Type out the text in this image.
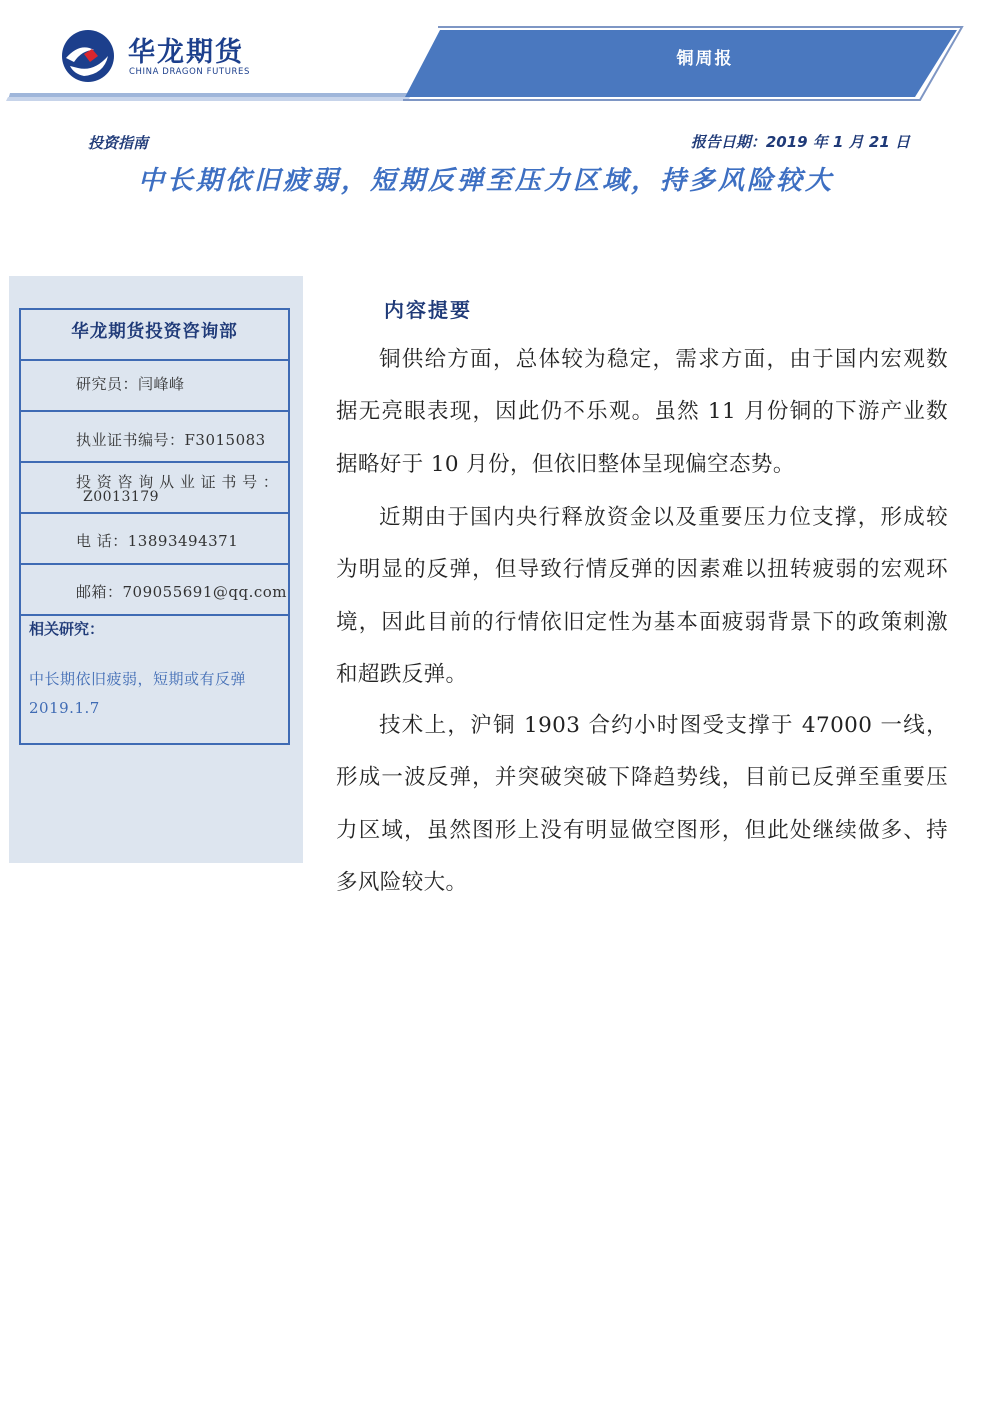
华龙期货
CHINA DRAGON FUTURES
铜周报
投资指南	报告日期：2019 年 1 月 21 日
中长期依旧疲弱，短期反弹至压力区域，持多风险较大
华龙期货投资咨询部
研究员：闫峰峰
执业证书编号：F3015083
投 资 咨 询 从 业 证 书 号 ：
Z0013179
电 话：13893494371
邮箱：709055691@qq.com
相关研究：
中长期依旧疲弱，短期或有反弹
2019.1.7
内容提要

铜供给方面，总体较为稳定，需求方面，由于国内宏观数据无亮眼表现，因此仍不乐观。虽然 11 月份铜的下游产业数据略好于 10 月份，但依旧整体呈现偏空态势。

近期由于国内央行释放资金以及重要压力位支撑，形成较为明显的反弹，但导致行情反弹的因素难以扭转疲弱的宏观环境，因此目前的行情依旧定性为基本面疲弱背景下的政策刺激和超跌反弹。

技术上，沪铜 1903 合约小时图受支撑于 47000 一线，形成一波反弹，并突破突破下降趋势线，目前已反弹至重要压力区域，虽然图形上没有明显做空图形，但此处继续做多、持多风险较大。
